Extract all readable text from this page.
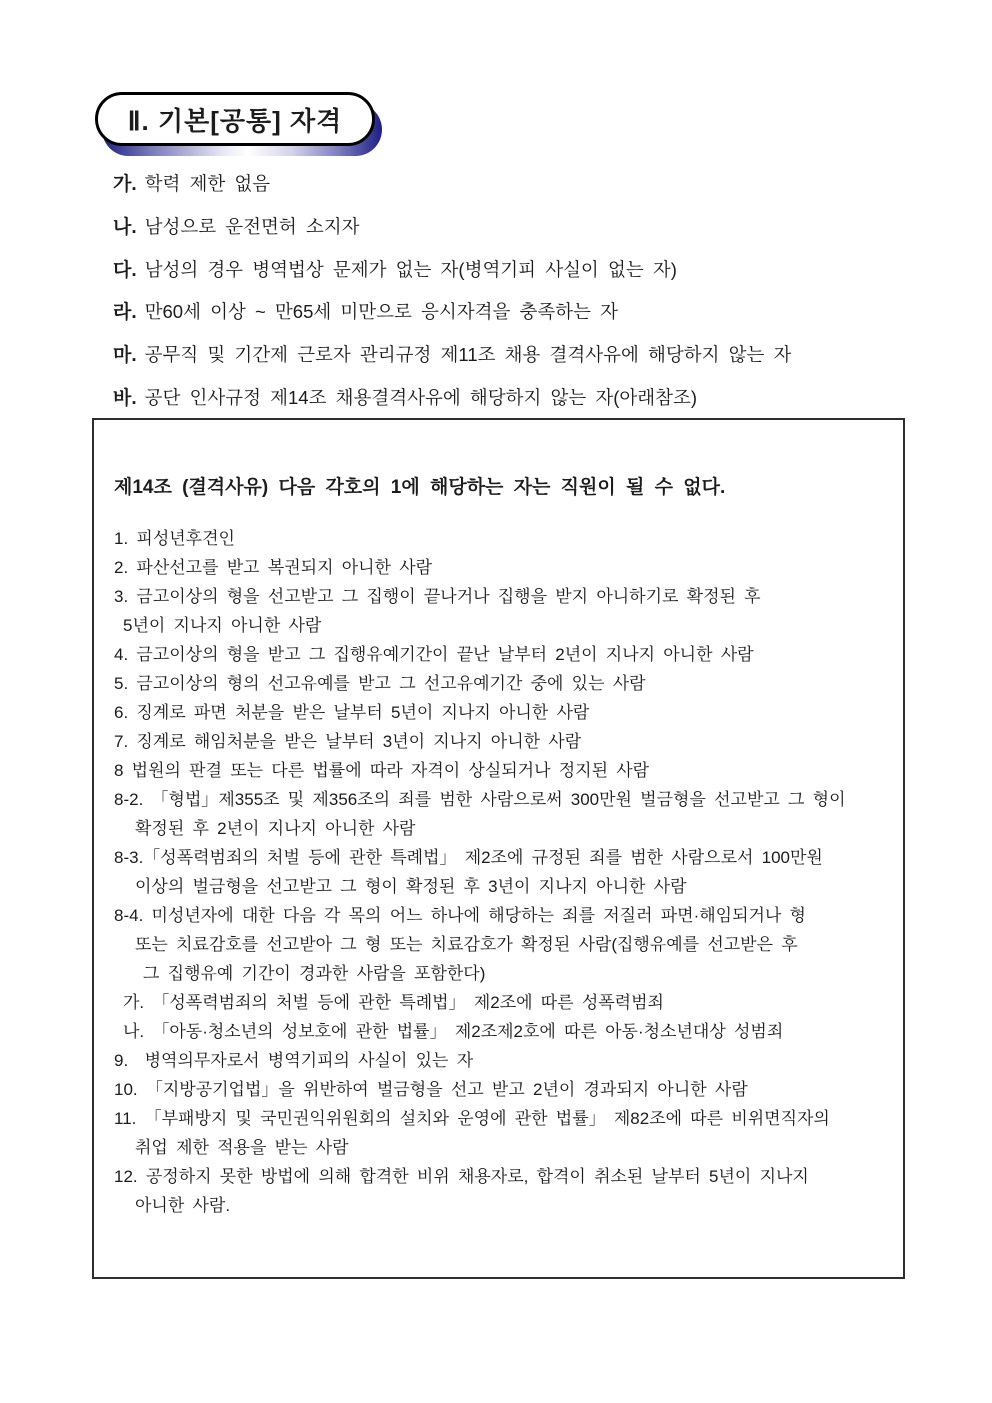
Ⅱ. 기본[공통] 자격
가. 학력 제한 없음
나. 남성으로 운전면허 소지자
다. 남성의 경우 병역법상 문제가 없는 자(병역기피 사실이 없는 자)
라. 만60세 이상 ~ 만65세 미만으로 응시자격을 충족하는 자
마. 공무직 및 기간제 근로자 관리규정 제11조 채용 결격사유에 해당하지 않는 자
바. 공단 인사규정 제14조 채용결격사유에 해당하지 않는 자(아래참조)
제14조 (결격사유) 다음 각호의 1에 해당하는 자는 직원이 될 수 없다.
1. 피성년후견인
2. 파산선고를 받고 복권되지 아니한 사람
3. 금고이상의 형을 선고받고 그 집행이 끝나거나 집행을 받지 아니하기로 확정된 후
5년이 지나지 아니한 사람
4. 금고이상의 형을 받고 그 집행유예기간이 끝난 날부터 2년이 지나지 아니한 사람
5. 금고이상의 형의 선고유예를 받고 그 선고유예기간 중에 있는 사람
6. 징계로 파면 처분을 받은 날부터 5년이 지나지 아니한 사람
7. 징계로 해임처분을 받은 날부터 3년이 지나지 아니한 사람
8 법원의 판결 또는 다른 법률에 따라 자격이 상실되거나 정지된 사람
8-2. 「형법」제355조 및 제356조의 죄를 범한 사람으로써 300만원 벌금형을 선고받고 그 형이
확정된 후 2년이 지나지 아니한 사람
8-3.「성폭력범죄의 처벌 등에 관한 특례법」 제2조에 규정된 죄를 범한 사람으로서 100만원
이상의 벌금형을 선고받고 그 형이 확정된 후 3년이 지나지 아니한 사람
8-4. 미성년자에 대한 다음 각 목의 어느 하나에 해당하는 죄를 저질러 파면·해임되거나 형
또는 치료감호를 선고받아 그 형 또는 치료감호가 확정된 사람(집행유예를 선고받은 후
그 집행유예 기간이 경과한 사람을 포함한다)
가. 「성폭력범죄의 처벌 등에 관한 특례법」 제2조에 따른 성폭력범죄
나. 「아동·청소년의 성보호에 관한 법률」 제2조제2호에 따른 아동·청소년대상 성범죄
9.  병역의무자로서 병역기피의 사실이 있는 자
10. 「지방공기업법」을 위반하여 벌금형을 선고 받고 2년이 경과되지 아니한 사람
11. 「부패방지 및 국민권익위원회의 설치와 운영에 관한 법률」 제82조에 따른 비위면직자의
취업 제한 적용을 받는 사람
12. 공정하지 못한 방법에 의해 합격한 비위 채용자로, 합격이 취소된 날부터 5년이 지나지
아니한 사람.
